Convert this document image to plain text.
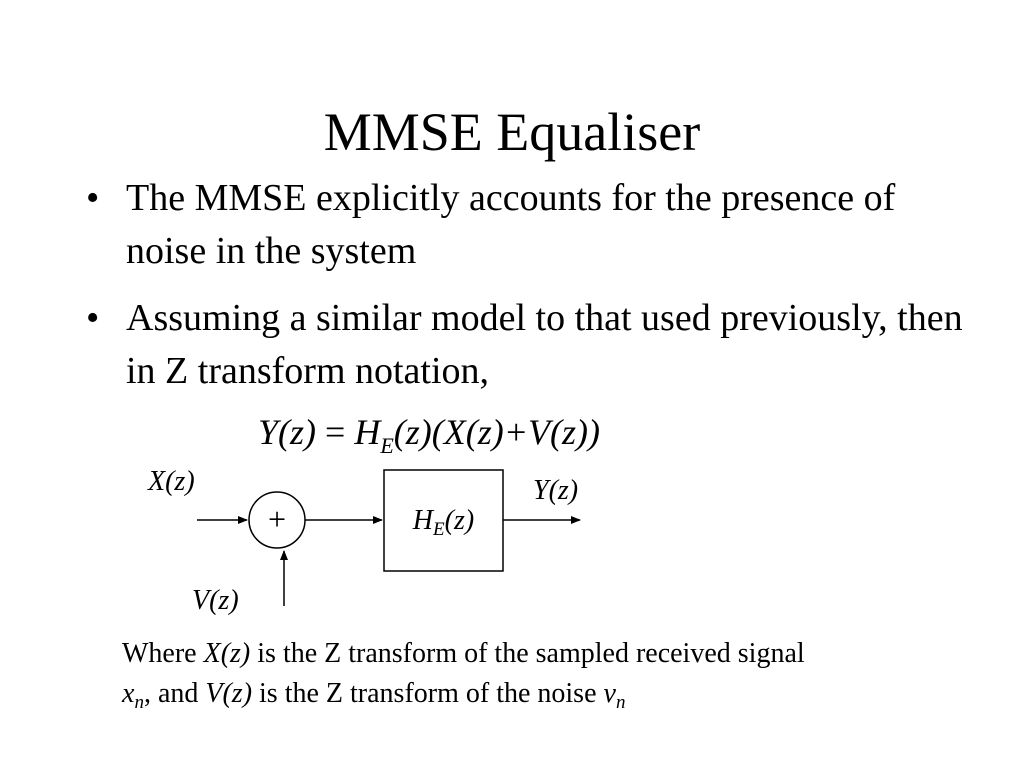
MMSE Equaliser
• The MMSE explicitly accounts for the presence of noise in the system
• Assuming a similar model to that used previously, then in Z transform notation,
$Y(z) = H_E(z)(X(z)+V(z))$
X(z)	Y(z)
V(z)
+	$H_E(z)$
Where X(z) is the Z transform of the sampled received signal
$x_n$, and V(z) is the Z transform of the noise $v_n$
